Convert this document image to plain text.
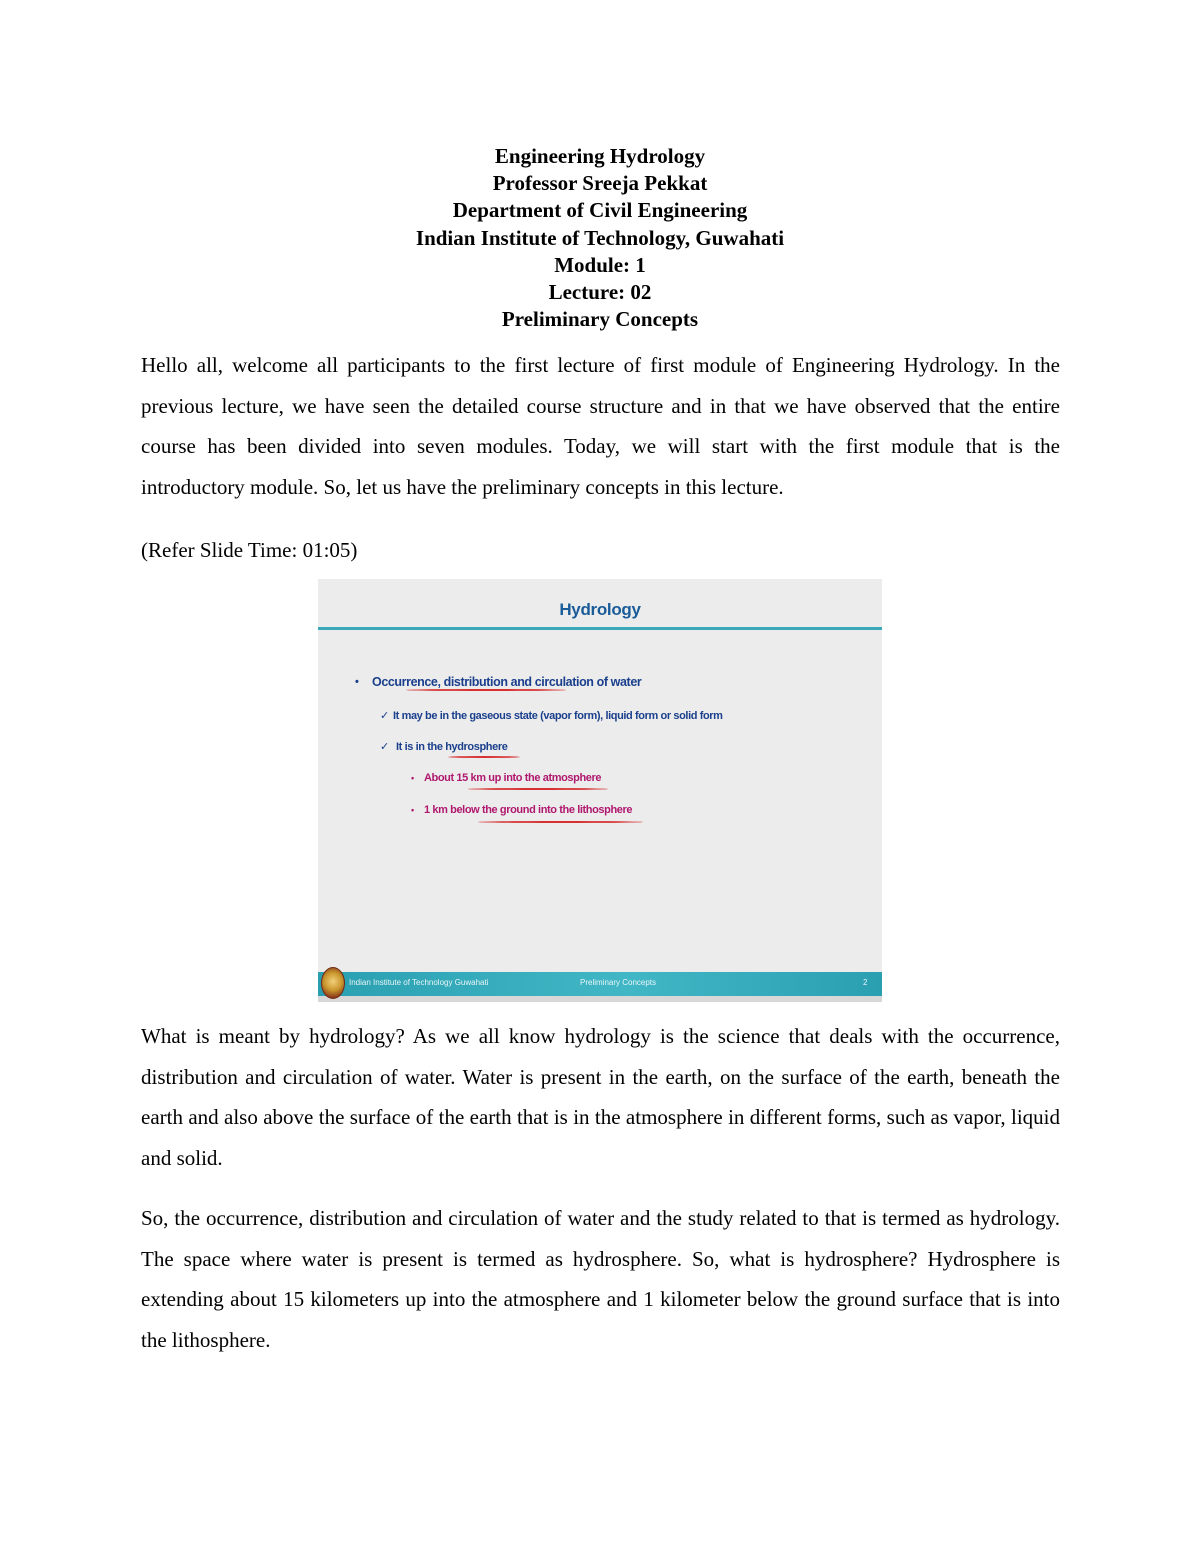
Engineering Hydrology
Professor Sreeja Pekkat
Department of Civil Engineering
Indian Institute of Technology, Guwahati
Module: 1
Lecture: 02
Preliminary Concepts

Hello all, welcome all participants to the first lecture of first module of Engineering Hydrology. In the previous lecture, we have seen the detailed course structure and in that we have observed that the entire course has been divided into seven modules. Today, we will start with the first module that is the introductory module. So, let us have the preliminary concepts in this lecture.

(Refer Slide Time: 01:05)
Hydrology
• Occurrence, distribution and circulation of water
✓ It may be in the gaseous state (vapor form), liquid form or solid form
✓ It is in the hydrosphere
• About 15 km up into the atmosphere
• 1 km below the ground into the lithosphere
Indian Institute of Technology Guwahati	Preliminary Concepts	2

What is meant by hydrology? As we all know hydrology is the science that deals with the occurrence, distribution and circulation of water. Water is present in the earth, on the surface of the earth, beneath the earth and also above the surface of the earth that is in the atmosphere in different forms, such as vapor, liquid and solid.

So, the occurrence, distribution and circulation of water and the study related to that is termed as hydrology. The space where water is present is termed as hydrosphere. So, what is hydrosphere? Hydrosphere is extending about 15 kilometers up into the atmosphere and 1 kilometer below the ground surface that is into the lithosphere.
